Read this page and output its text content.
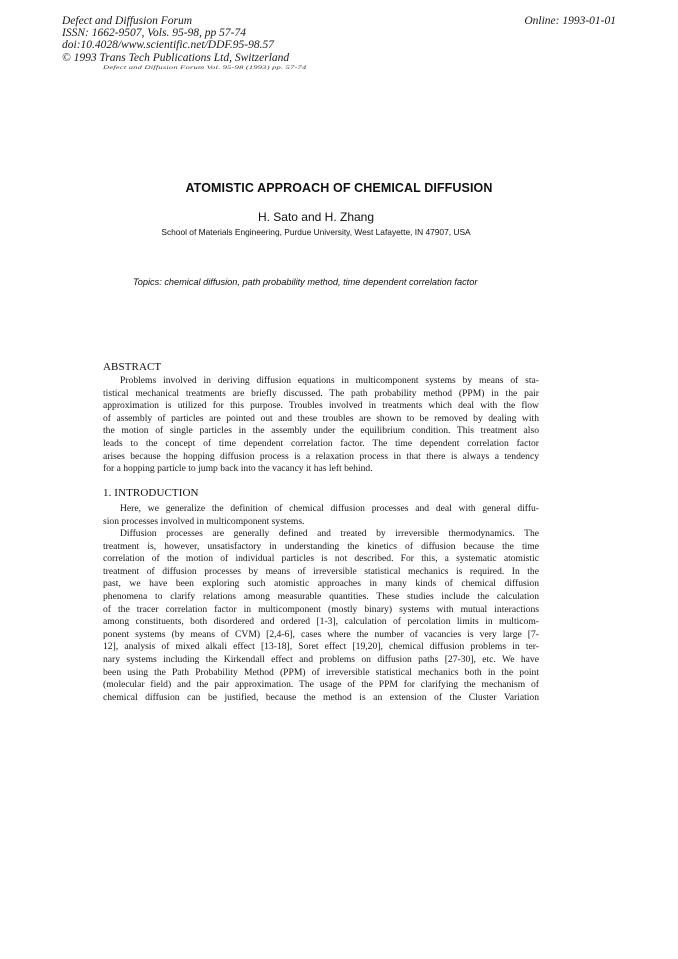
Defect and Diffusion Forum
ISSN: 1662-9507, Vols. 95-98, pp 57-74
doi:10.4028/www.scientific.net/DDF.95-98.57
© 1993 Trans Tech Publications Ltd, Switzerland
Online: 1993-01-01
Defect and Diffusion Forum Vol. 95-98 (1993) pp. 57-74
ATOMISTIC APPROACH OF CHEMICAL DIFFUSION
H. Sato and H. Zhang
School of Materials Engineering, Purdue University, West Lafayette, IN 47907, USA
Topics: chemical diffusion, path probability method, time dependent correlation factor
ABSTRACT
Problems involved in deriving diffusion equations in multicomponent systems by means of sta-
tistical mechanical treatments are briefly discussed. The path probability method (PPM) in the pair
approximation is utilized for this purpose. Troubles involved in treatments which deal with the flow
of assembly of particles are pointed out and these troubles are shown to be removed by dealing with
the motion of single particles in the assembly under the equilibrium condition. This treatment also
leads to the concept of time dependent correlation factor. The time dependent correlation factor
arises because the hopping diffusion process is a relaxation process in that there is always a tendency
for a hopping particle to jump back into the vacancy it has left behind.
1. INTRODUCTION
Here, we generalize the definition of chemical diffusion processes and deal with general diffu-
sion processes involved in multicomponent systems.
Diffusion processes are generally defined and treated by irreversible thermodynamics. The
treatment is, however, unsatisfactory in understanding the kinetics of diffusion because the time
correlation of the motion of individual particles is not described. For this, a systematic atomistic
treatment of diffusion processes by means of irreversible statistical mechanics is required. In the
past, we have been exploring such atomistic approaches in many kinds of chemical diffusion
phenomena to clarify relations among measurable quantities. These studies include the calculation
of the tracer correlation factor in multicomponent (mostly binary) systems with mutual interactions
among constituents, both disordered and ordered [1-3], calculation of percolation limits in multicom-
ponent systems (by means of CVM) [2,4-6], cases where the number of vacancies is very large [7-
12], analysis of mixed alkali effect [13-18], Soret effect [19,20], chemical diffusion problems in ter-
nary systems including the Kirkendall effect and problems on diffusion paths [27-30], etc. We have
been using the Path Probability Method (PPM) of irreversible statistical mechanics both in the point
(molecular field) and the pair approximation. The usage of the PPM for clarifying the mechanism of
chemical diffusion can be justified, because the method is an extension of the Cluster Variation
